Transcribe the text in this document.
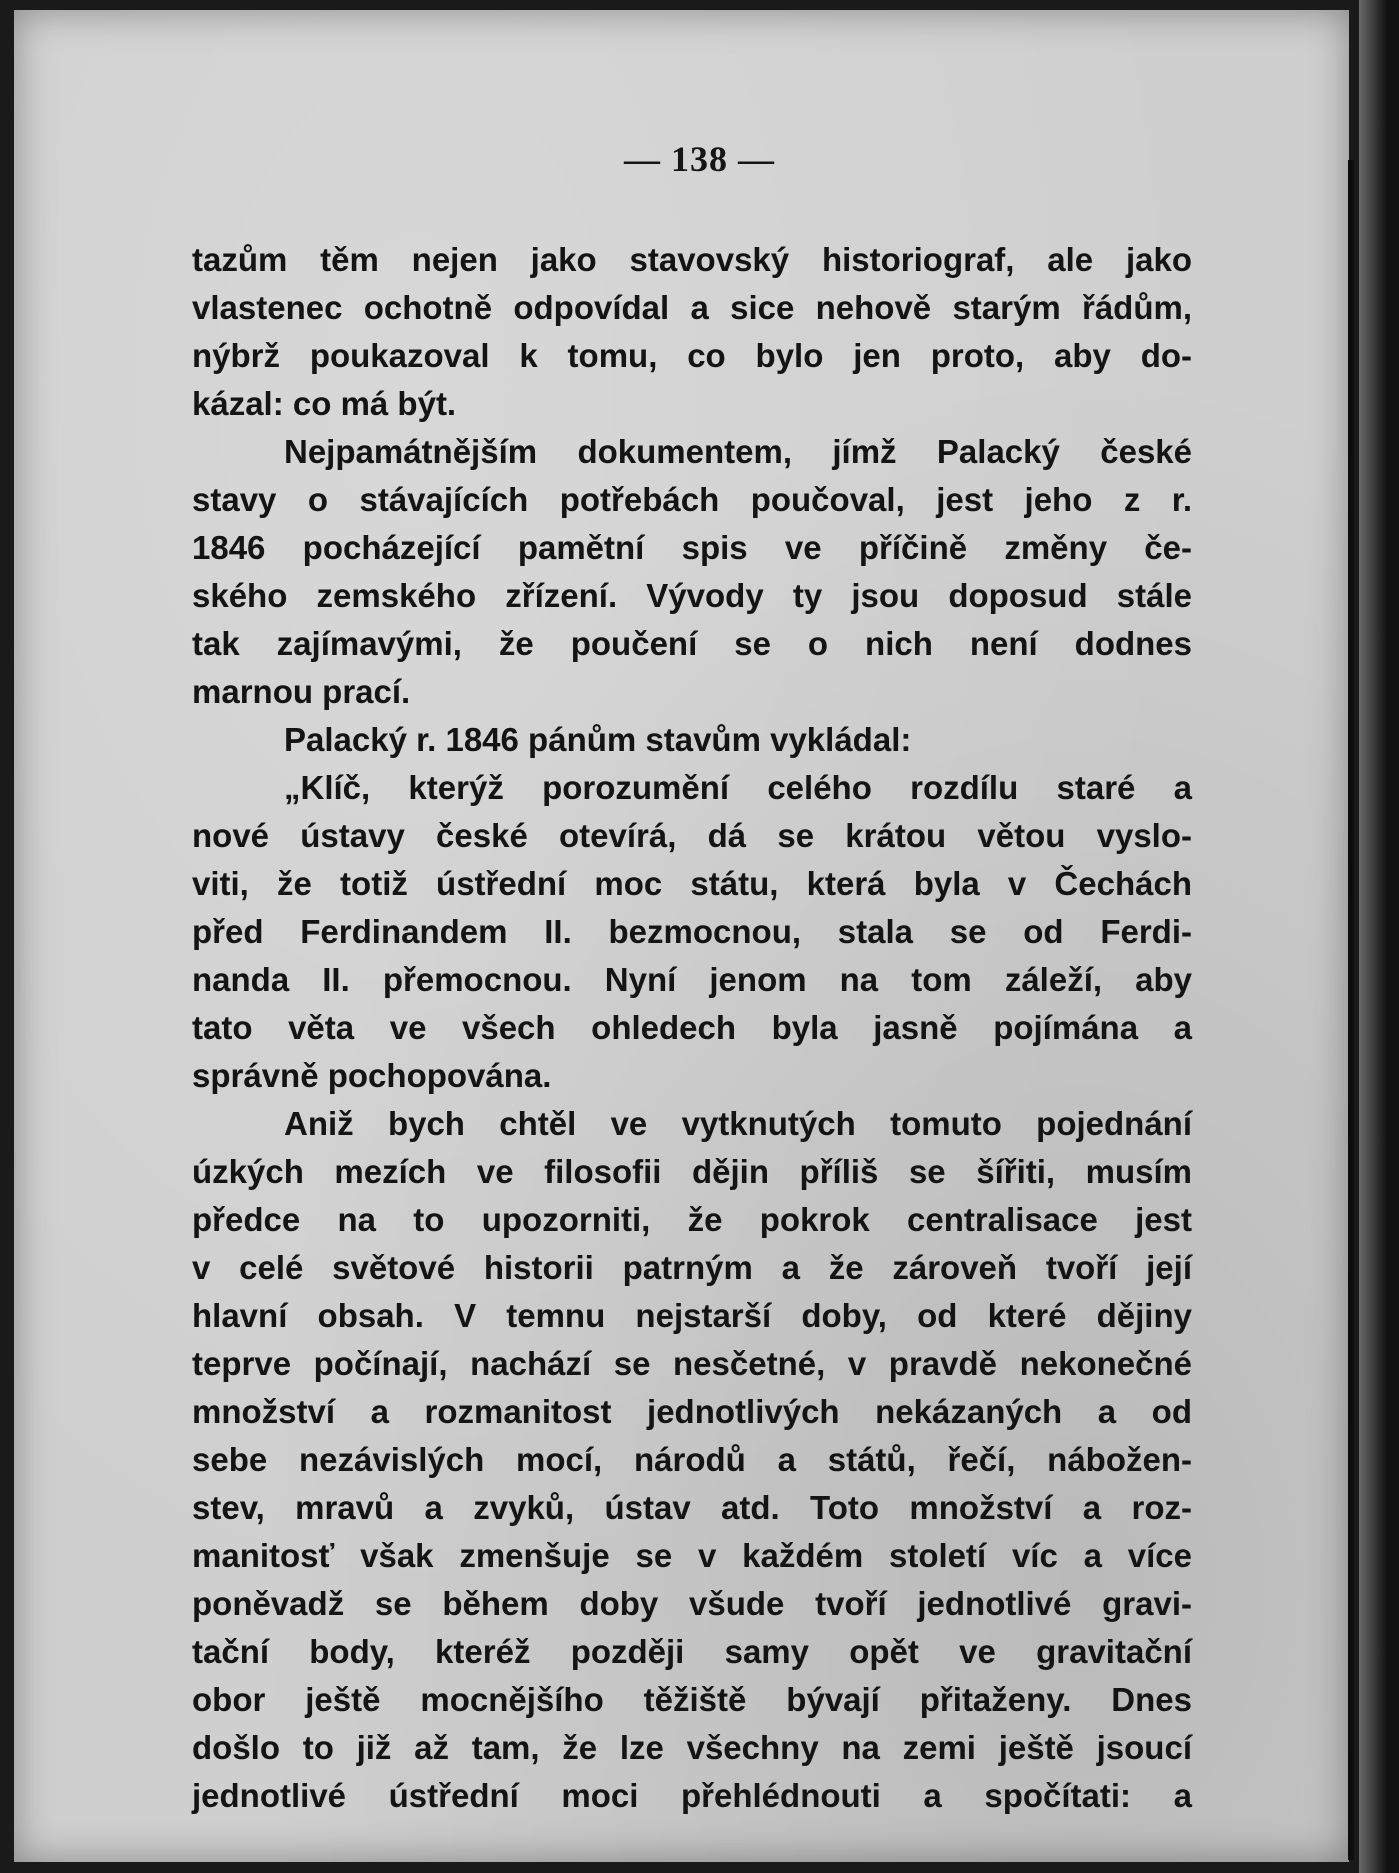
— 138 —
tazům těm nejen jako stavovský historiograf, ale jako
vlastenec ochotně odpovídal a sice nehově starým řádům,
nýbrž poukazoval k tomu, co bylo jen proto, aby do-
kázal: co má být.
Nejpamátnějším dokumentem, jímž Palacký české
stavy o stávajících potřebách poučoval, jest jeho z r.
1846 pocházející pamětní spis ve příčině změny če-
ského zemského zřízení. Vývody ty jsou doposud stále
tak zajímavými, že poučení se o nich není dodnes
marnou prací.
Palacký r. 1846 pánům stavům vykládal:
„Klíč, kterýž porozumění celého rozdílu staré a
nové ústavy české otevírá, dá se krátou větou vyslo-
viti, že totiž ústřední moc státu, která byla v Čechách
před Ferdinandem II. bezmocnou, stala se od Ferdi-
nanda II. přemocnou. Nyní jenom na tom záleží, aby
tato věta ve všech ohledech byla jasně pojímána a
správně pochopována.
Aniž bych chtěl ve vytknutých tomuto pojednání
úzkých mezích ve filosofii dějin příliš se šířiti, musím
předce na to upozorniti, že pokrok centralisace jest
v celé světové historii patrným a že zároveň tvoří její
hlavní obsah. V temnu nejstarší doby, od které dějiny
teprve počínají, nachází se nesčetné, v pravdě nekonečné
množství a rozmanitost jednotlivých nekázaných a od
sebe nezávislých mocí, národů a států, řečí, nábožen-
stev, mravů a zvyků, ústav atd. Toto množství a roz-
manitosť však zmenšuje se v každém století víc a více
poněvadž se během doby všude tvoří jednotlivé gravi-
tační body, kteréž později samy opět ve gravitační
obor ještě mocnějšího těžiště bývají přitaženy. Dnes
došlo to již až tam, že lze všechny na zemi ještě jsoucí
jednotlivé ústřední moci přehlédnouti a spočítati: a
